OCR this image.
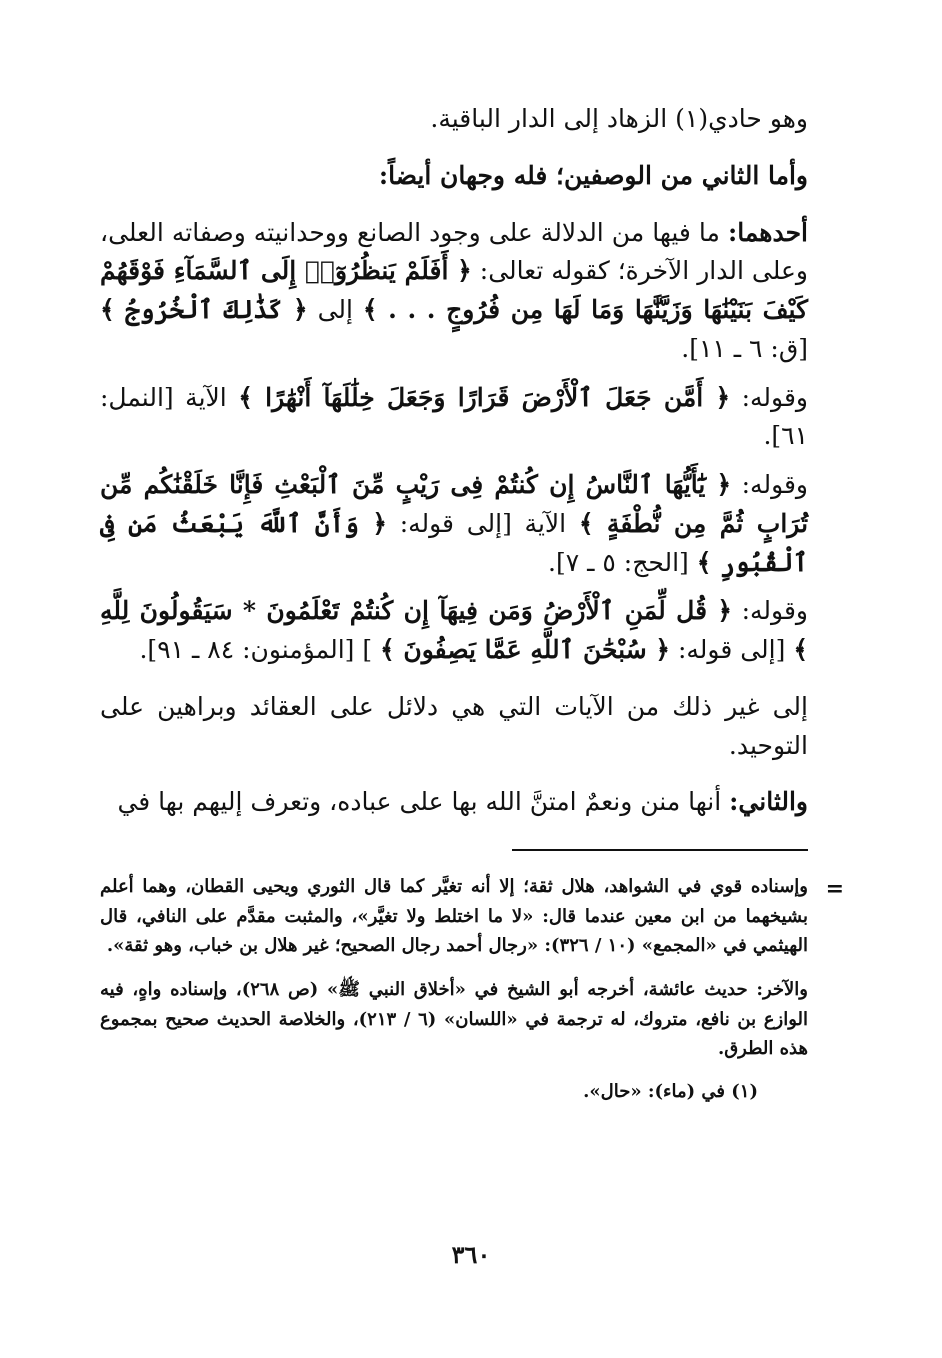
وهو حادي(١) الزهاد إلى الدار الباقية.

وأما الثاني من الوصفين؛ فله وجهان أيضاً:

أحدهما: ما فيها من الدلالة على وجود الصانع ووحدانيته وصفاته العلى، وعلى الدار الآخرة؛ كقوله تعالى: ﴿ أَفَلَمْ يَنظُرُوٓا۟ إِلَى ٱلسَّمَآءِ فَوْقَهُمْ كَيْفَ بَنَيْنَٰهَا وَزَيَّنَّٰهَا وَمَا لَهَا مِن فُرُوجٍ . . . ﴾ إلى ﴿ كَذَٰلِكَ ٱلْخُرُوجُ ﴾ [ق: ٦ ـ ١١].

وقوله: ﴿ أَمَّن جَعَلَ ٱلْأَرْضَ قَرَارًا وَجَعَلَ خِلَٰلَهَآ أَنْهَٰرًا ﴾ الآية [النمل: ٦١].

وقوله: ﴿ يَٰٓأَيُّهَا ٱلنَّاسُ إِن كُنتُمْ فِى رَيْبٍ مِّنَ ٱلْبَعْثِ فَإِنَّا خَلَقْنَٰكُم مِّن تُرَابٍ ثُمَّ مِن نُّطْفَةٍ ﴾ الآية [إلى قوله: ﴿ وَأَنَّ ٱللَّهَ يَبْعَثُ مَن فِى ٱلْقُبُورِ ﴾ [الحج: ٥ ـ ٧].

وقوله: ﴿ قُل لِّمَنِ ٱلْأَرْضُ وَمَن فِيهَآ إِن كُنتُمْ تَعْلَمُونَ * سَيَقُولُونَ لِلَّهِ ﴾ [إلى قوله: ﴿ سُبْحَٰنَ ٱللَّهِ عَمَّا يَصِفُونَ ﴾ ] [المؤمنون: ٨٤ ـ ٩١].

إلى غير ذلك من الآيات التي هي دلائل على العقائد وبراهين على التوحيد.

والثاني: أنها منن ونعمٌ امتنَّ الله بها على عباده، وتعرف إليهم بها في

=

وإسناده قوي في الشواهد، هلال ثقة؛ إلا أنه تغيَّر كما قال الثوري ويحيى القطان، وهما أعلم بشيخهما من ابن معين عندما قال: «لا ما اختلط ولا تغيَّر»، والمثبت مقدَّم على النافي، قال الهيثمي في «المجمع» (١٠ / ٣٢٦): «رجال أحمد رجال الصحيح؛ غير هلال بن خباب، وهو ثقة».

والآخر: حديث عائشة، أخرجه أبو الشيخ في «أخلاق النبي ﷺ» (ص ٢٦٨)، وإسناده واهٍ، فيه الوازع بن نافع، متروك، له ترجمة في «اللسان» (٦ / ٢١٣)، والخلاصة الحديث صحيح بمجموع هذه الطرق.

(١) في (ماء): «حال».

٣٦٠
